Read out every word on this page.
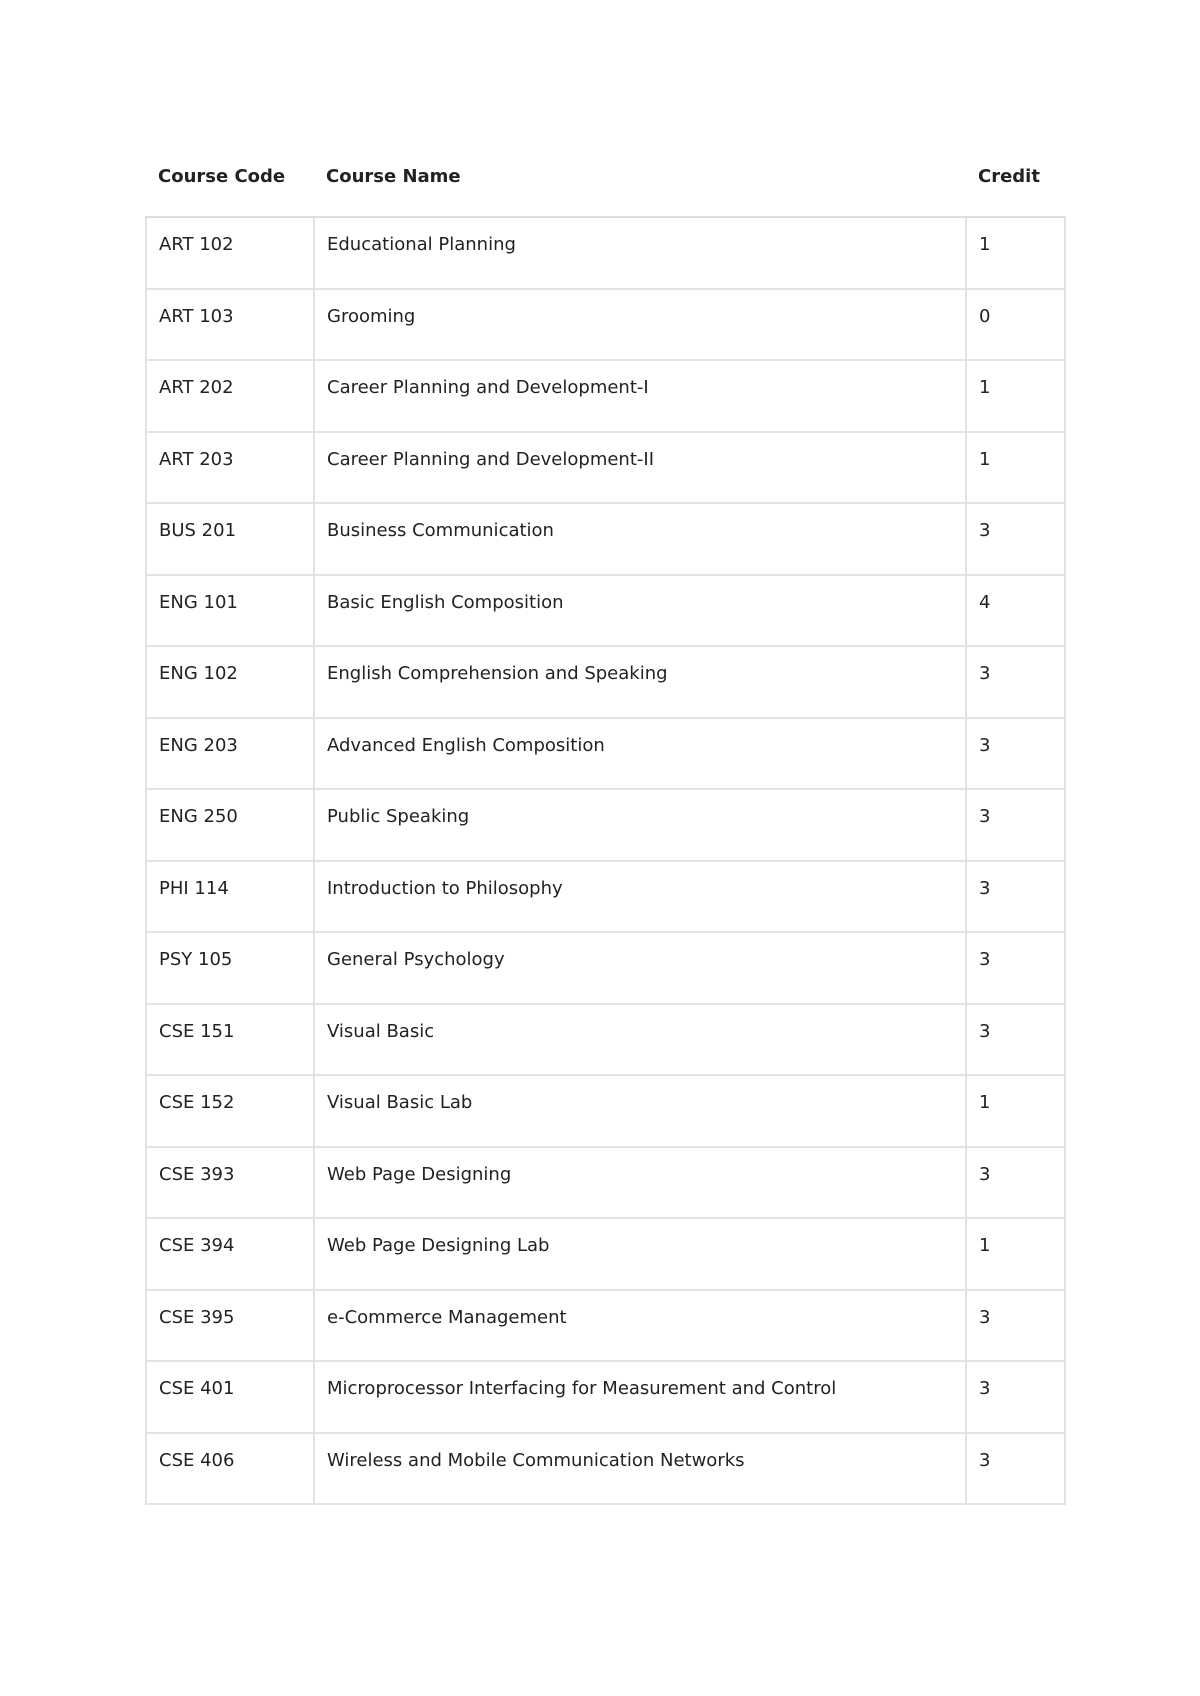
Course Code	Course Name	Credit
ART 102	Educational Planning	1
ART 103	Grooming	0
ART 202	Career Planning and Development-I	1
ART 203	Career Planning and Development-II	1
BUS 201	Business Communication	3
ENG 101	Basic English Composition	4
ENG 102	English Comprehension and Speaking	3
ENG 203	Advanced English Composition	3
ENG 250	Public Speaking	3
PHI 114	Introduction to Philosophy	3
PSY 105	General Psychology	3
CSE 151	Visual Basic	3
CSE 152	Visual Basic Lab	1
CSE 393	Web Page Designing	3
CSE 394	Web Page Designing Lab	1
CSE 395	e-Commerce Management	3
CSE 401	Microprocessor Interfacing for Measurement and Control	3
CSE 406	Wireless and Mobile Communication Networks	3
